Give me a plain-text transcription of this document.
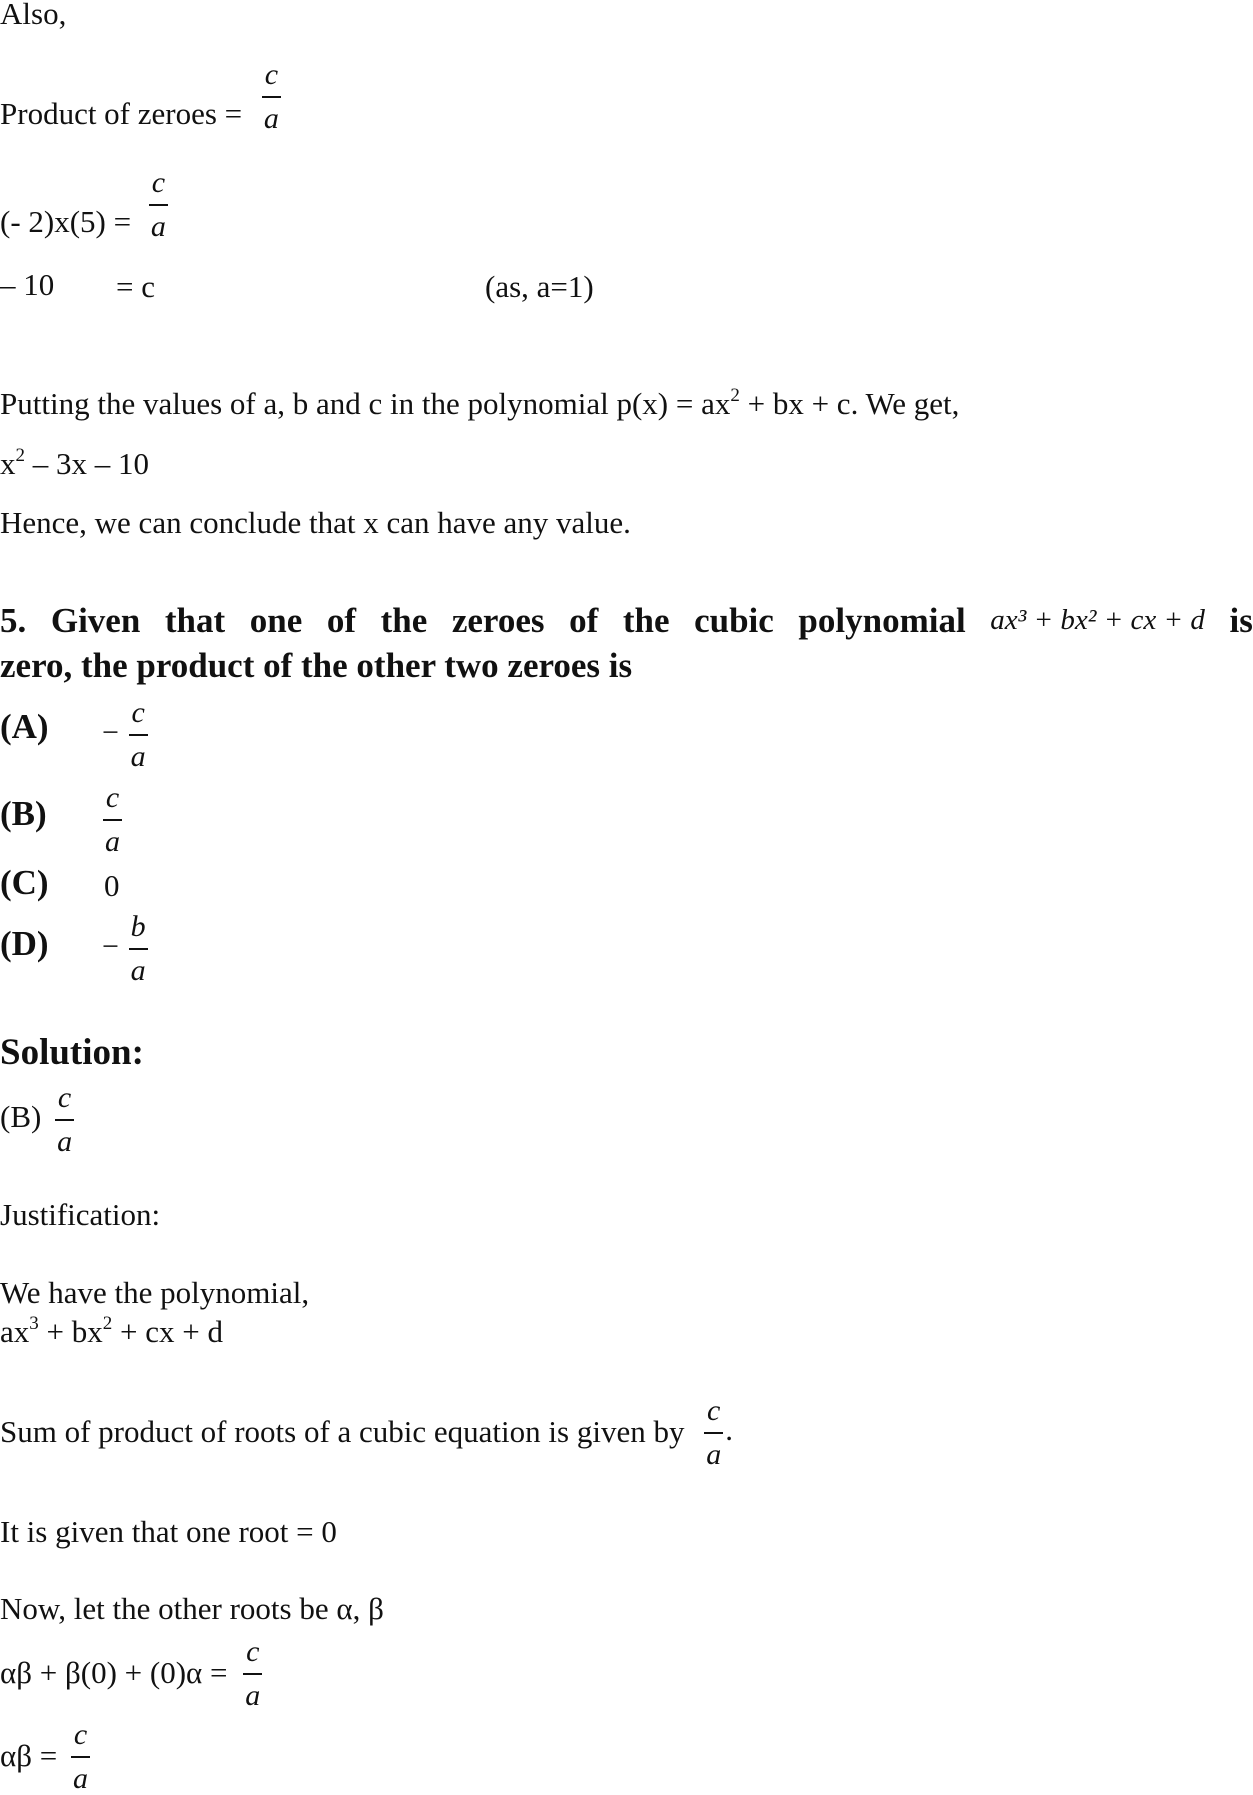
Also,
Product of zeroes = $\frac{c}{a}$
(- $2)x(5) = \frac{c}{a}$
– 10 = c	(as, a=1)
Putting the values of a, b and c in the polynomial $p(x) = ax^2$ + bx + c. We get,
$x^2 - 3x - 10$
Hence, we can conclude that x can have any value.
5. Given that one of the zeroes of the cubic polynomial ax³ + bx² + cx + d is
zero, the product of the other two zeroes is
$(A) - \frac{c}{a}$
$(B) \frac{c}{a}$
(C) 0
$(D) - \frac{b}{a}$
Solution:
$(B) \frac{c}{a}$
Justification:
We have the polynomial,
$ax^3 + bx^2$ + cx + d
Sum of product of roots of a cubic equation is given by $\frac{c}{a}$ .
It is given that one root = 0
Now, let the other roots be α, β
$\alpha\beta + \beta(0) + (0)\alpha = \frac{c}{a}$
$\alpha\beta = \frac{c}{a}$
